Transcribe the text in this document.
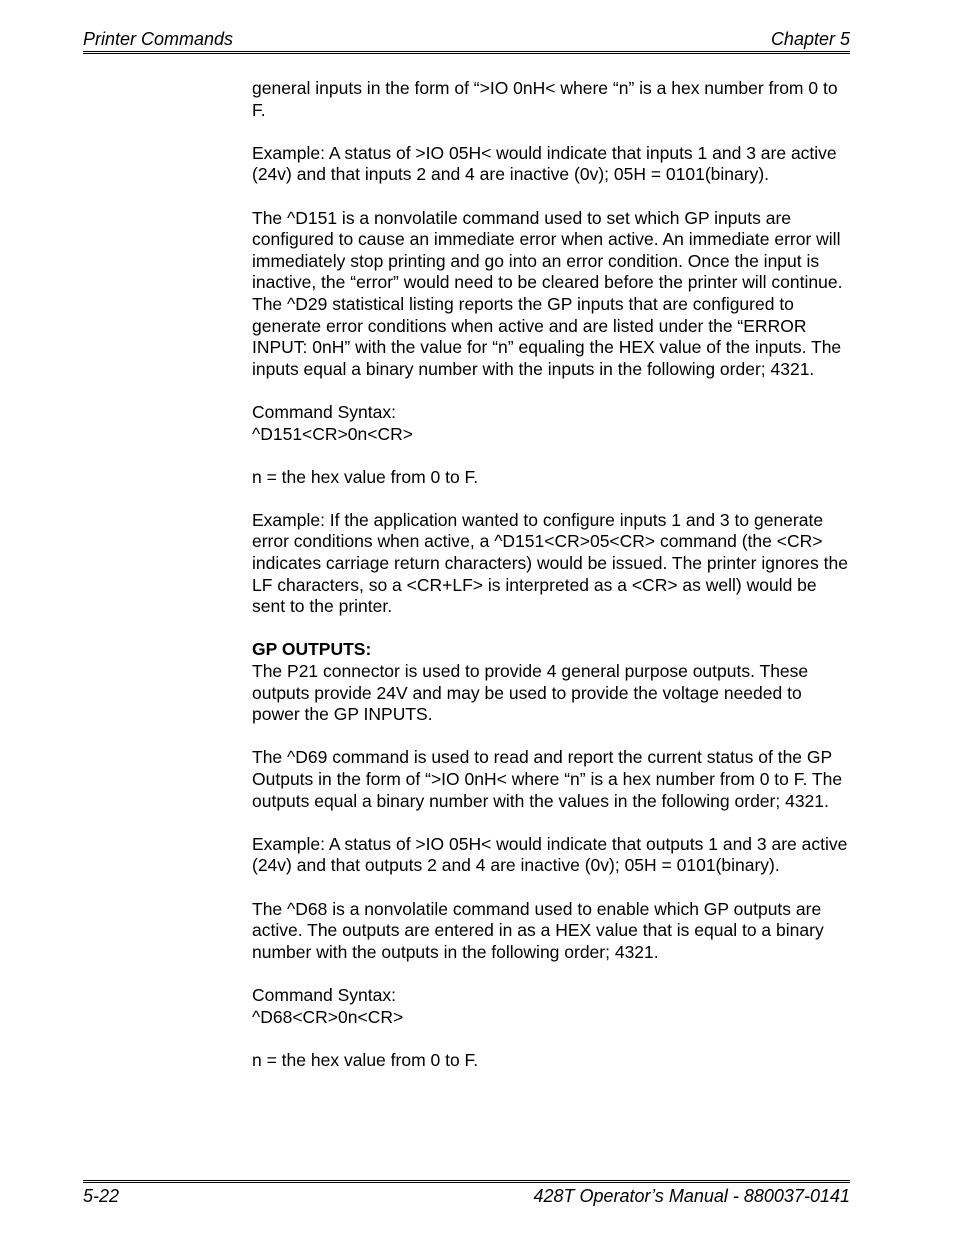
Printer Commands	Chapter 5

general inputs in the form of “>IO 0nH< where “n” is a hex number from 0 to F.

Example: A status of >IO 05H< would indicate that inputs 1 and 3 are active (24v) and that inputs 2 and 4 are inactive (0v); 05H = 0101(binary).

The ^D151 is a nonvolatile command used to set which GP inputs are configured to cause an immediate error when active. An immediate error will immediately stop printing and go into an error condition. Once the input is inactive, the “error” would need to be cleared before the printer will continue. The ^D29 statistical listing reports the GP inputs that are configured to generate error conditions when active and are listed under the “ERROR INPUT: 0nH” with the value for “n” equaling the HEX value of the inputs. The inputs equal a binary number with the inputs in the following order; 4321.

Command Syntax:

^D151<CR>0n<CR>

n = the hex value from 0 to F.

Example: If the application wanted to configure inputs 1 and 3 to generate error conditions when active, a ^D151<CR>05<CR> command (the <CR> indicates carriage return characters) would be issued. The printer ignores the LF characters, so a <CR+LF> is interpreted as a <CR> as well) would be sent to the printer.

GP OUTPUTS:

The P21 connector is used to provide 4 general purpose outputs. These outputs provide 24V and may be used to provide the voltage needed to power the GP INPUTS.

The ^D69 command is used to read and report the current status of the GP Outputs in the form of “>IO 0nH< where “n” is a hex number from 0 to F. The outputs equal a binary number with the values in the following order; 4321.

Example: A status of >IO 05H< would indicate that outputs 1 and 3 are active (24v) and that outputs 2 and 4 are inactive (0v); 05H = 0101(binary).

The ^D68 is a nonvolatile command used to enable which GP outputs are active. The outputs are entered in as a HEX value that is equal to a binary number with the outputs in the following order; 4321.

Command Syntax:

^D68<CR>0n<CR>

n = the hex value from 0 to F.

5-22	428T Operator’s Manual - 880037-0141
